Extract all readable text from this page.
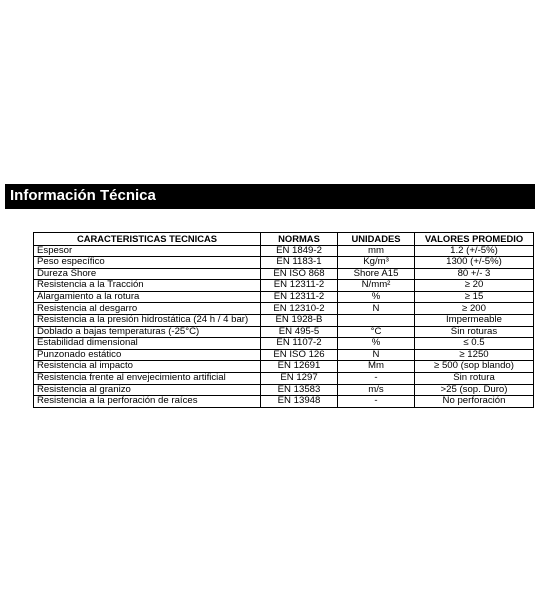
Información Técnica
CARACTERISTICAS TECNICAS	NORMAS	UNIDADES	VALORES PROMEDIO
Espesor	EN 1849-2	mm	1.2 (+/-5%)
Peso específico	EN 1183-1	Kg/m³	1300 (+/-5%)
Dureza Shore	EN ISO 868	Shore A15	80 +/- 3
Resistencia a la Tracción	EN 12311-2	N/mm²	≥ 20
Alargamiento a la rotura	EN 12311-2	%	≥ 15
Resistencia al desgarro	EN 12310-2	N	≥ 200
Resistencia a la presión hidrostática (24 h / 4 bar)	EN 1928-B		Impermeable
Doblado a bajas temperaturas (-25°C)	EN 495-5	°C	Sin roturas
Estabilidad dimensional	EN 1107-2	%	≤ 0.5
Punzonado estático	EN ISO 126	N	≥ 1250
Resistencia al impacto	EN 12691	Mm	≥ 500 (sop blando)
Resistencia frente al envejecimiento artificial	EN 1297	-	Sin rotura
Resistencia al granizo	EN 13583	m/s	>25 (sop. Duro)
Resistencia a la perforación de raíces	EN 13948	-	No perforación
